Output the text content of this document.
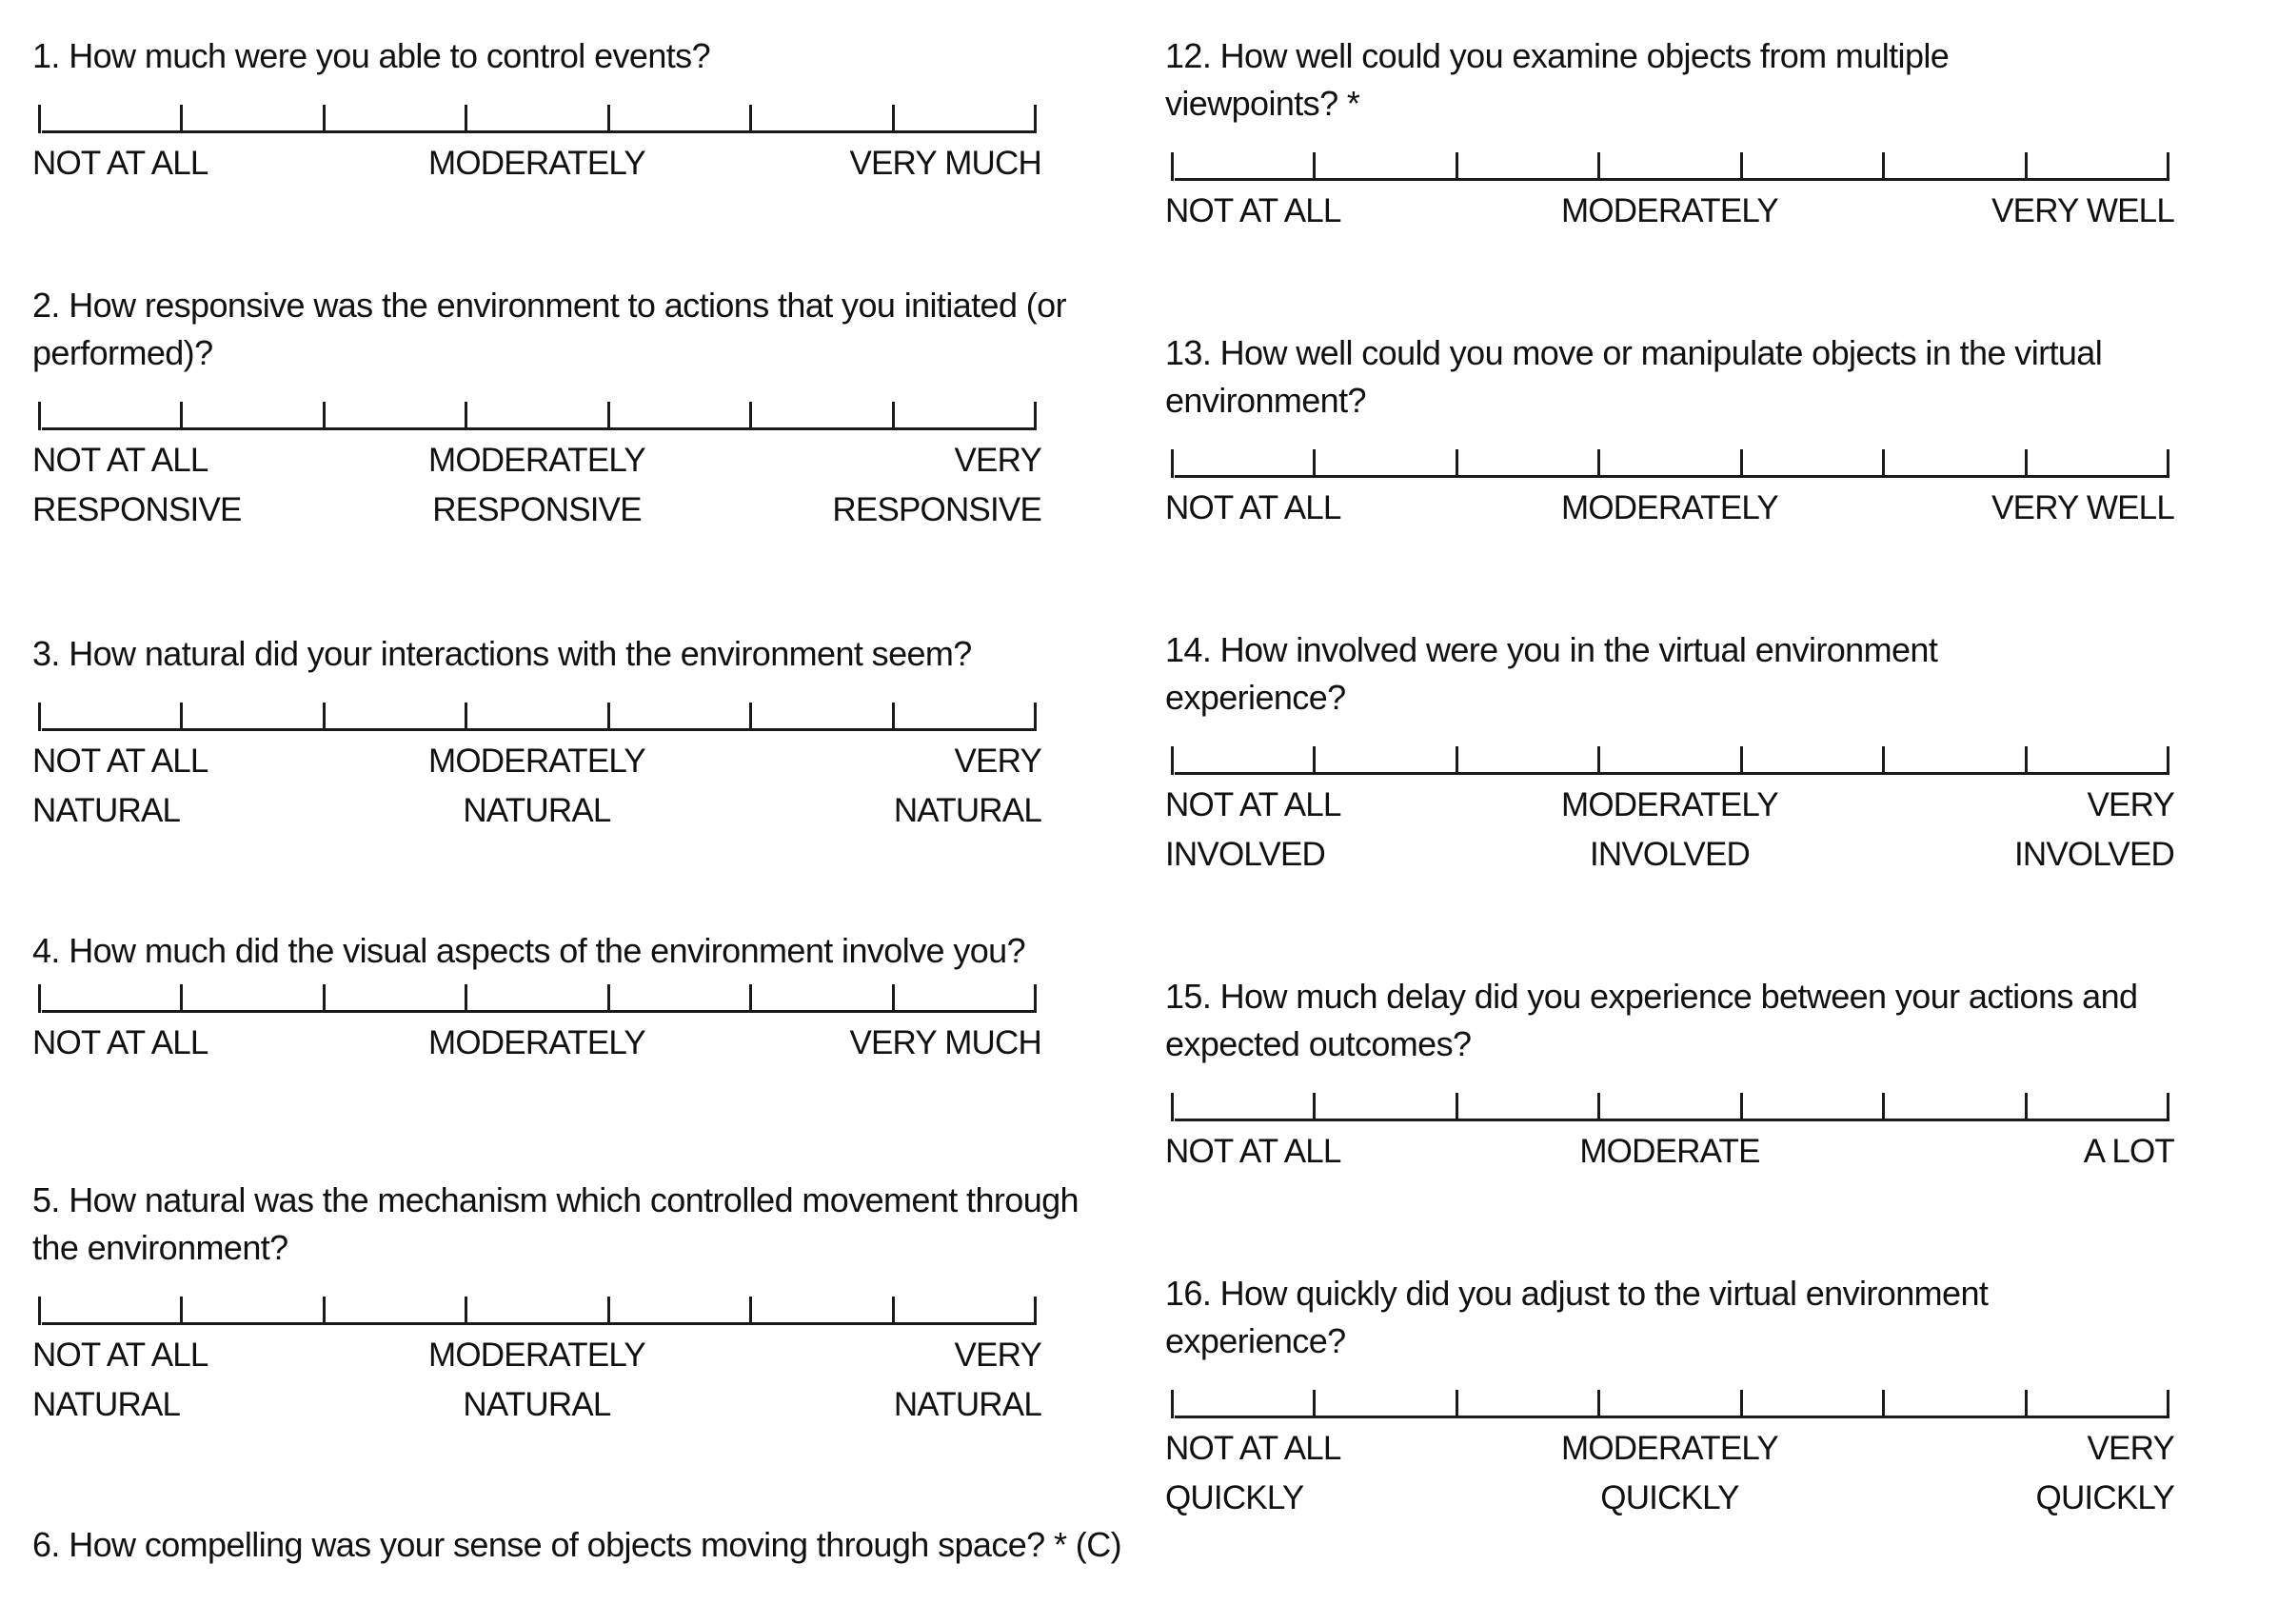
1. How much were you able to control events?

NOT AT ALL	MODERATELY	VERY MUCH

2. How responsive was the environment to actions that you initiated (or performed)?

NOT AT ALL
RESPONSIVE
MODERATELY
RESPONSIVE
VERY
RESPONSIVE

3. How natural did your interactions with the environment seem?

NOT AT ALL
NATURAL
MODERATELY
NATURAL
VERY
NATURAL

4. How much did the visual aspects of the environment involve you?

NOT AT ALL	MODERATELY	VERY MUCH

5. How natural was the mechanism which controlled movement through the environment?

NOT AT ALL
NATURAL
MODERATELY
NATURAL
VERY
NATURAL

6. How compelling was your sense of objects moving through space? * (C)

12. How well could you examine objects from multiple viewpoints? *

NOT AT ALL	MODERATELY	VERY WELL

13. How well could you move or manipulate objects in the virtual environment?

NOT AT ALL	MODERATELY	VERY WELL

14. How involved were you in the virtual environment experience?

NOT AT ALL
INVOLVED
MODERATELY
INVOLVED
VERY
INVOLVED

15. How much delay did you experience between your actions and expected outcomes?

NOT AT ALL	MODERATE	A LOT

16. How quickly did you adjust to the virtual environment experience?

NOT AT ALL
QUICKLY
MODERATELY
QUICKLY
VERY
QUICKLY
